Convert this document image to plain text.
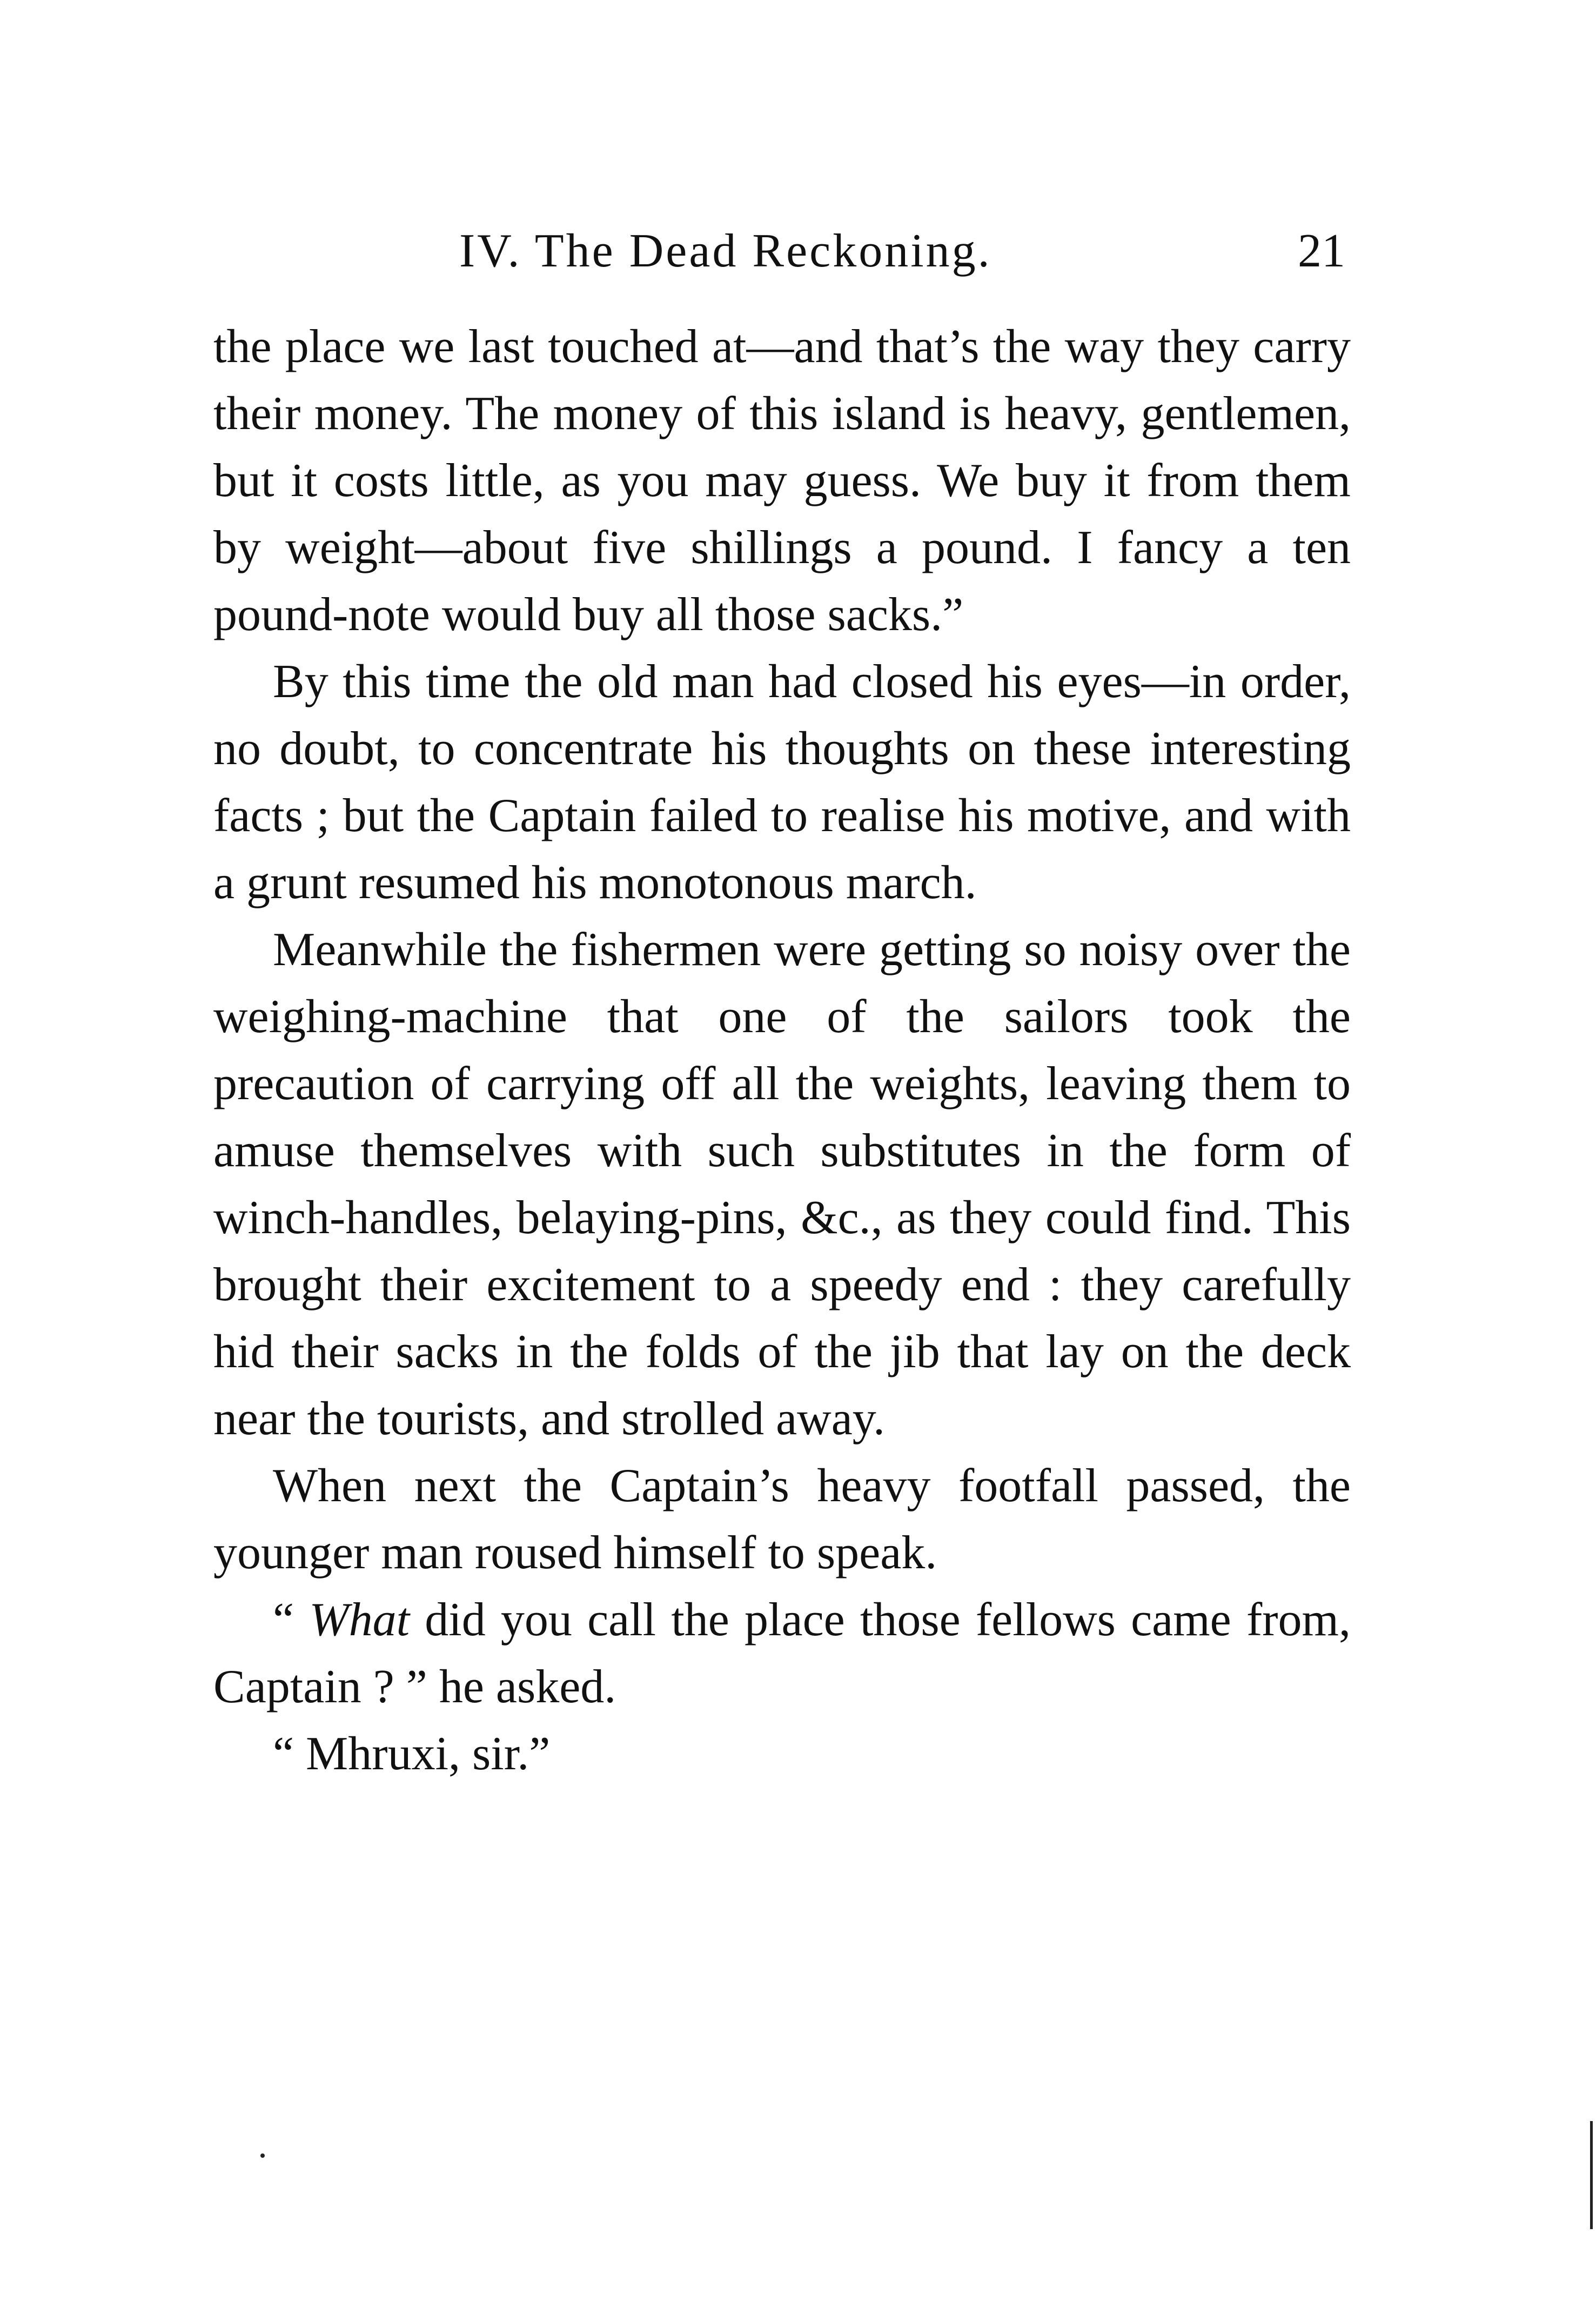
IV. The Dead Reckoning.	21

the place we last touched at—and that’s the way they carry their money. The money of this island is heavy, gentlemen, but it costs little, as you may guess. We buy it from them by weight—about five shillings a pound. I fancy a ten pound-note would buy all those sacks.”

By this time the old man had closed his eyes—in order, no doubt, to concentrate his thoughts on these interesting facts ; but the Captain failed to realise his motive, and with a grunt resumed his monotonous march.

Meanwhile the fishermen were getting so noisy over the weighing-machine that one of the sailors took the precaution of carrying off all the weights, leaving them to amuse themselves with such substitutes in the form of winch-handles, belaying-pins, &c., as they could find. This brought their excitement to a speedy end : they carefully hid their sacks in the folds of the jib that lay on the deck near the tourists, and strolled away.

When next the Captain’s heavy footfall passed, the younger man roused himself to speak.

“ What did you call the place those fellows came from, Captain ? ” he asked.

“ Mhruxi, sir.”
